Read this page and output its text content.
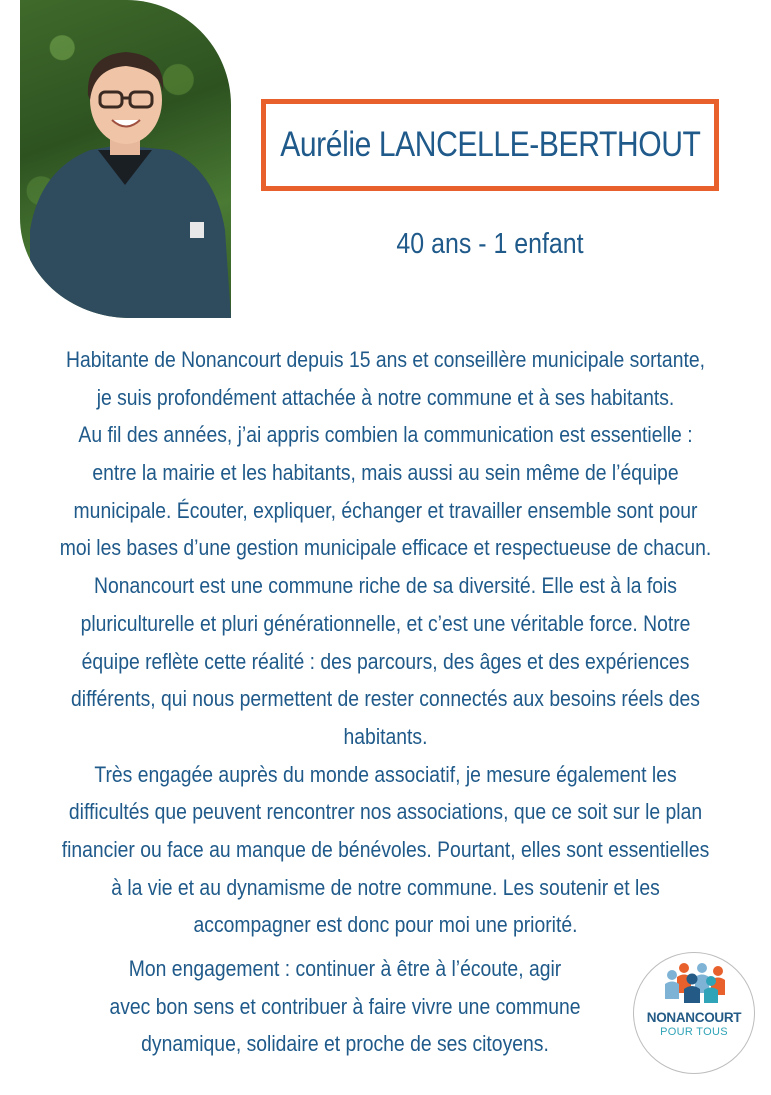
Aurélie LANCELLE-BERTHOUT
40 ans - 1 enfant
Habitante de Nonancourt depuis 15 ans et conseillère municipale sortante,
je suis profondément attachée à notre commune et à ses habitants.
Au fil des années, j’ai appris combien la communication est essentielle :
entre la mairie et les habitants, mais aussi au sein même de l’équipe
municipale. Écouter, expliquer, échanger et travailler ensemble sont pour
moi les bases d’une gestion municipale efficace et respectueuse de chacun.
Nonancourt est une commune riche de sa diversité. Elle est à la fois
pluriculturelle et pluri générationnelle, et c’est une véritable force. Notre
équipe reflète cette réalité : des parcours, des âges et des expériences
différents, qui nous permettent de rester connectés aux besoins réels des
habitants.
Très engagée auprès du monde associatif, je mesure également les
difficultés que peuvent rencontrer nos associations, que ce soit sur le plan
financier ou face au manque de bénévoles. Pourtant, elles sont essentielles
à la vie et au dynamisme de notre commune. Les soutenir et les
accompagner est donc pour moi une priorité.
Mon engagement : continuer à être à l’écoute, agir
avec bon sens et contribuer à faire vivre une commune
dynamique, solidaire et proche de ses citoyens.
NONANCOURT
POUR TOUS
